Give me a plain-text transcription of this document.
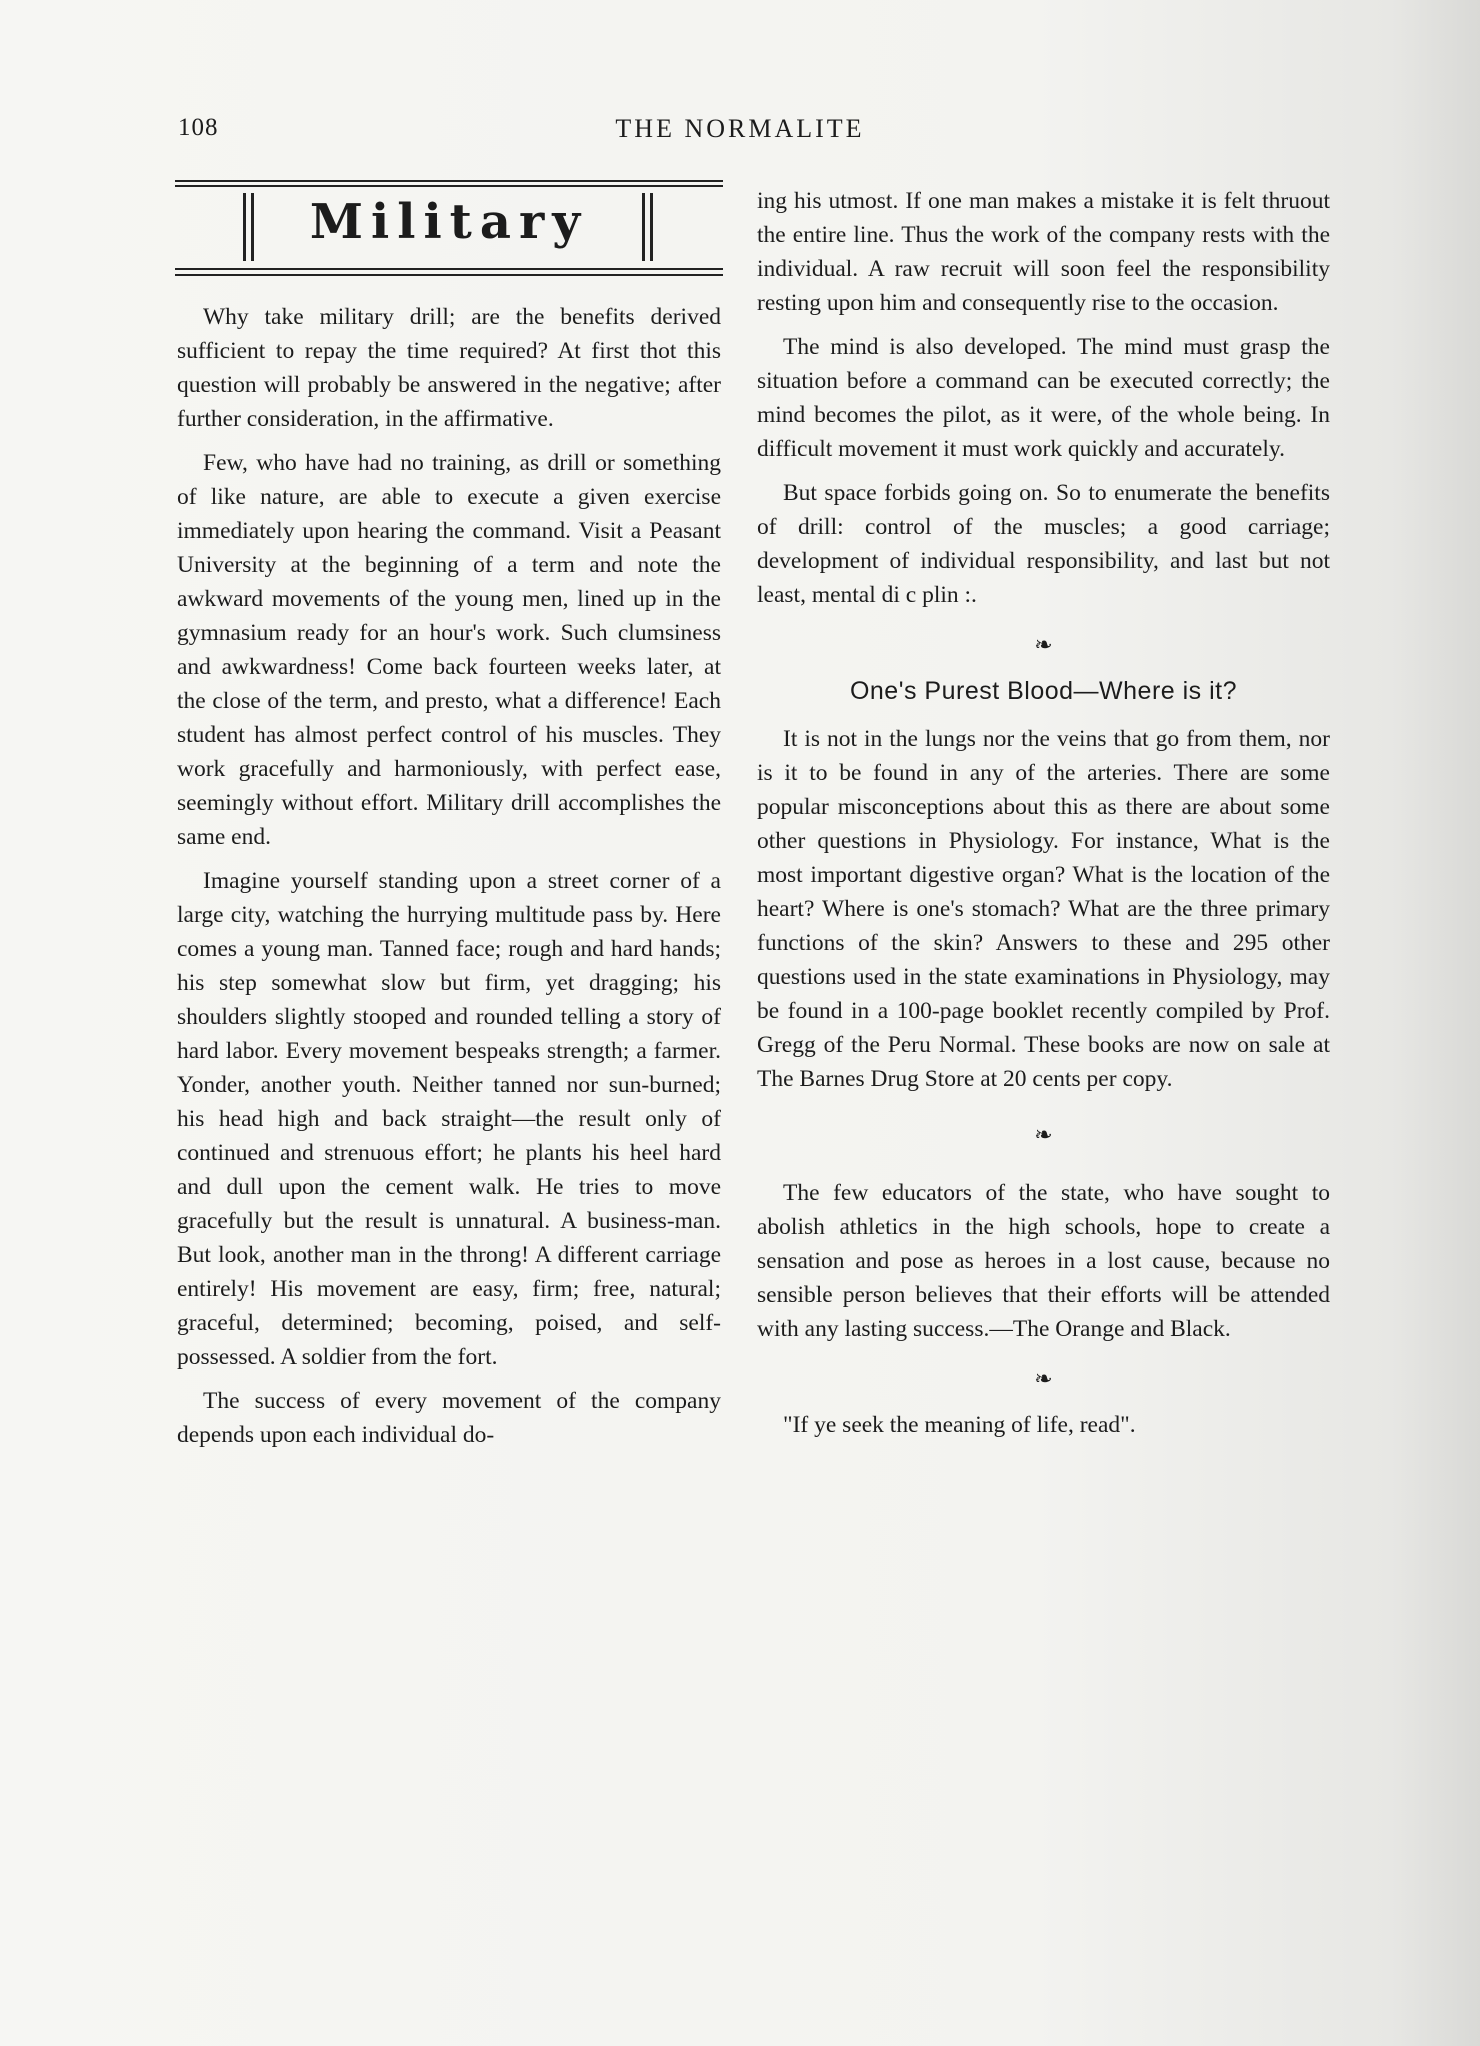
108	THE NORMALITE
Military

Why take military drill; are the benefits derived sufficient to repay the time required? At first thot this question will probably be answered in the negative; after further consideration, in the affirmative.

Few, who have had no training, as drill or something of like nature, are able to execute a given exercise immediately upon hearing the command. Visit a Peasant University at the beginning of a term and note the awkward movements of the young men, lined up in the gymnasium ready for an hour's work. Such clumsiness and awkwardness! Come back fourteen weeks later, at the close of the term, and presto, what a difference! Each student has almost perfect control of his muscles. They work gracefully and harmoniously, with perfect ease, seemingly without effort. Military drill accomplishes the same end.

Imagine yourself standing upon a street corner of a large city, watching the hurrying multitude pass by. Here comes a young man. Tanned face; rough and hard hands; his step somewhat slow but firm, yet dragging; his shoulders slightly stooped and rounded telling a story of hard labor. Every movement bespeaks strength; a farmer. Yonder, another youth. Neither tanned nor sun-burned; his head high and back straight—the result only of continued and strenuous effort; he plants his heel hard and dull upon the cement walk. He tries to move gracefully but the result is unnatural. A business-man. But look, another man in the throng! A different carriage entirely! His movement are easy, firm; free, natural; graceful, determined; becoming, poised, and self-possessed. A soldier from the fort.

The success of every movement of the company depends upon each individual do-

ing his utmost. If one man makes a mistake it is felt thruout the entire line. Thus the work of the company rests with the individual. A raw recruit will soon feel the responsibility resting upon him and consequently rise to the occasion.

The mind is also developed. The mind must grasp the situation before a command can be executed correctly; the mind becomes the pilot, as it were, of the whole being. In difficult movement it must work quickly and accurately.

But space forbids going on. So to enumerate the benefits of drill: control of the muscles; a good carriage; development of individual responsibility, and last but not least, mental di c plin :.

❧
One's Purest Blood—Where is it?

It is not in the lungs nor the veins that go from them, nor is it to be found in any of the arteries. There are some popular misconceptions about this as there are about some other questions in Physiology. For instance, What is the most important digestive organ? What is the location of the heart? Where is one's stomach? What are the three primary functions of the skin? Answers to these and 295 other questions used in the state examinations in Physiology, may be found in a 100-page booklet recently compiled by Prof. Gregg of the Peru Normal. These books are now on sale at The Barnes Drug Store at 20 cents per copy.

❧

The few educators of the state, who have sought to abolish athletics in the high schools, hope to create a sensation and pose as heroes in a lost cause, because no sensible person believes that their efforts will be attended with any lasting success.—The Orange and Black.

❧

"If ye seek the meaning of life, read".
